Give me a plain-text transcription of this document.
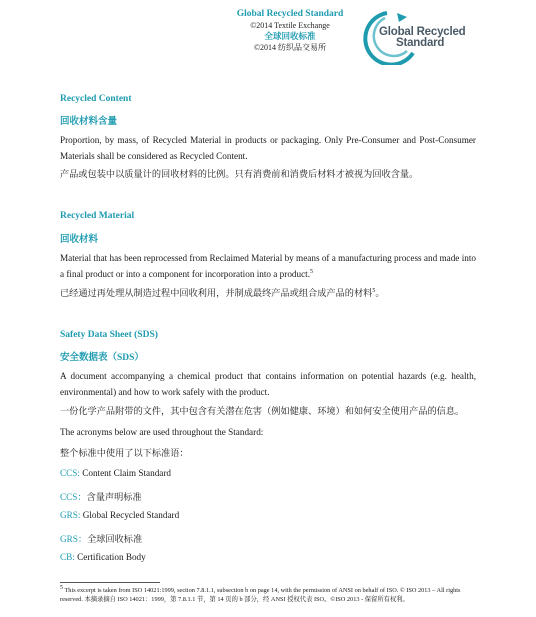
Global Recycled Standard
©2014 Textile Exchange
全球回收标准
©2014 纺织品交易所
Global Recycled
Standard
Recycled Content
回收材料含量
Proportion, by mass, of Recycled Material in products or packaging. Only Pre-Consumer and Post-Consumer Materials shall be considered as Recycled Content.
产品或包装中以质量计的回收材料的比例。只有消费前和消费后材料才被视为回收含量。
Recycled Material
回收材料
Material that has been reprocessed from Reclaimed Material by means of a manufacturing process and made into a final product or into a component for incorporation into a product.$^5$
已经通过再处理从制造过程中回收利用，并制成最终产品或组合成产品的材料$^5$。
Safety Data Sheet (SDS)
安全数据表（SDS）
A document accompanying a chemical product that contains information on potential hazards (e.g. health, environmental) and how to work safely with the product.
一份化学产品附带的文件，其中包含有关潜在危害（例如健康、环境）和如何安全使用产品的信息。
The acronyms below are used throughout the Standard:
整个标准中使用了以下标准语：
CCS: Content Claim Standard
CCS：含量声明标准
GRS: Global Recycled Standard
GRS：全球回收标准
CB: Certification Body
$^5$ This excerpt is taken from ISO 14021:1999, section 7.8.1.1, subsection b on page 14, with the permission of ANSI on behalf of ISO. © ISO 2013 – All rights reserved. 本摘录摘自 ISO 14021：1999，第 7.8.1.1 节，第 14 页的 b 部分，经 ANSI 授权代表 ISO。©ISO 2013 - 保留所有权利。
